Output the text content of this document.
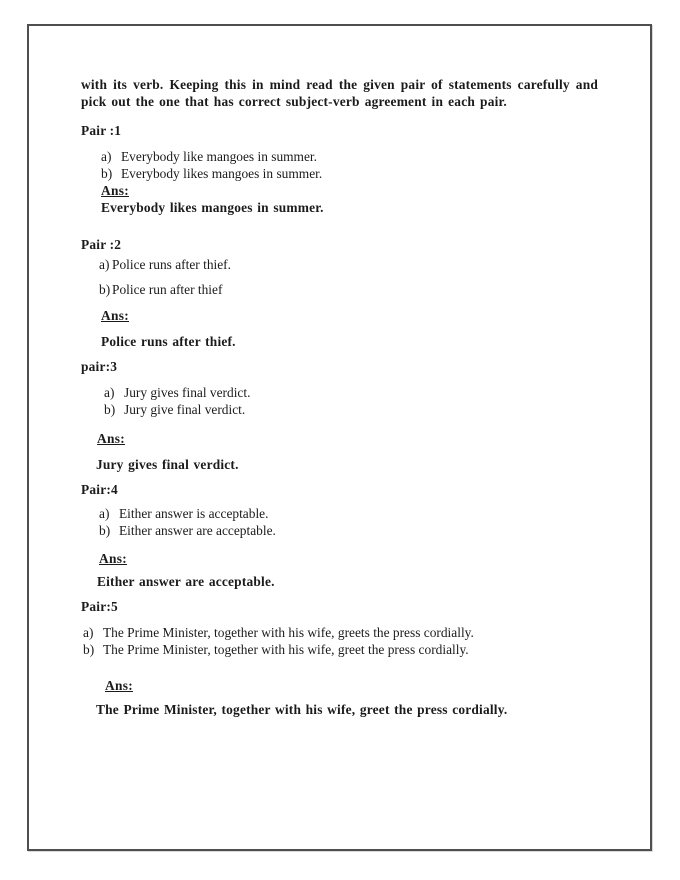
with its verb. Keeping this in mind read the given pair of statements carefully and pick out the one that has correct subject-verb agreement in each pair.
Pair :1
a) Everybody like mangoes in summer.
b) Everybody likes mangoes in summer.
Ans:
Everybody likes mangoes in summer.
Pair :2
a) Police runs after thief.
b) Police run after thief
Ans:
Police runs after thief.
pair:3
a) Jury gives final verdict.
b) Jury give final verdict.
Ans:
Jury gives final verdict.
Pair:4
a) Either answer is acceptable.
b) Either answer are acceptable.
Ans:
Either answer are acceptable.
Pair:5
a) The Prime Minister, together with his wife, greets the press cordially.
b) The Prime Minister, together with his wife, greet the press cordially.
Ans:
The Prime Minister, together with his wife, greet the press cordially.
